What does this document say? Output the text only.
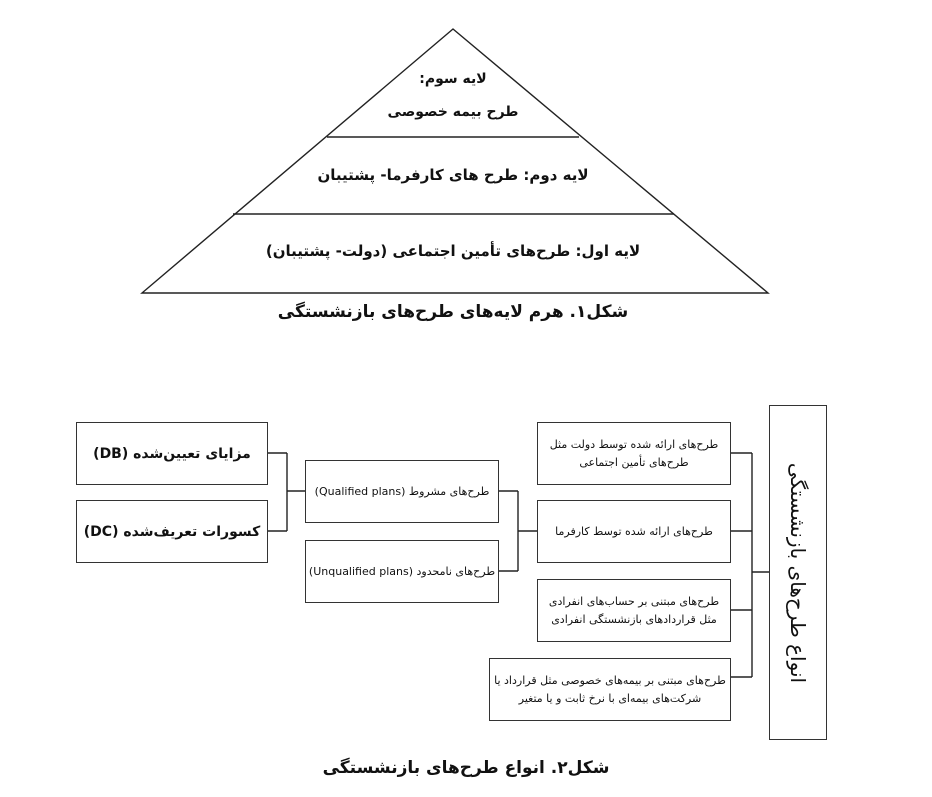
لایه سوم:
طرح بیمه خصوصی
لایه دوم: طرح های کارفرما- پشتیبان
لایه اول: طرح‌های تأمین اجتماعی (دولت- پشتیبان)
شکل۱. هرم لایه‌های طرح‌های بازنشستگی
انواع طرح‌های بازنشستگی
طرح‌های ارائه شده توسط دولت مثل
طرح‌های تأمین اجتماعی
طرح‌های ارائه شده توسط کارفرما
طرح‌های مبتنی بر حساب‌های انفرادی
مثل قراردادهای بازنشستگی انفرادی
طرح‌های مبتنی بر بیمه‌های خصوصی مثل قرارداد یا
شرکت‌های بیمه‌ای با نرخ ثابت و یا متغیر
طرح‌های مشروط (Qualified plans)
طرح‌های نامحدود (Unqualified plans)
مزایای تعیین‌شده (DB)
کسورات تعریف‌شده (DC)
شکل۲. انواع طرح‌های بازنشستگی
